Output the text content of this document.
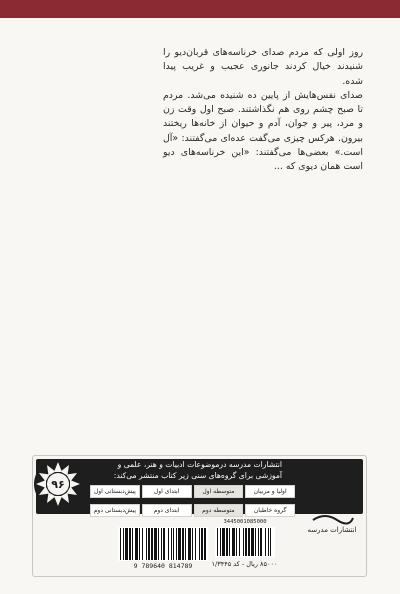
روز اولی که مردم صدای خرناسه‌های قربان‌دیو را شنیدند خیال کردند جانوری عجیب و غریب پیدا شده.

صدای نفس‌هایش از پایین ده شنیده می‌شد. مردم تا صبح چشم روی هم نگذاشتند. صبح اول وقت زن و مرد، پیر و جوان، آدم و حیوان از خانه‌ها ریختند بیرون. هرکس چیزی می‌گفت عده‌ای می‌گفتند: «آل است.» بعضی‌ها می‌گفتند: «این خرناسه‌های دیو است همان دیوی که ...

۹۶
انتشارات مدرسه درموضوعات ادبیات و هنر، علمی و آموزشی برای گروه‌های سنی زیر کتاب منتشر می‌کند:
پیش‌دبستانی اول	ابتدای اول	متوسطه اول	اولیا و مربیان
پیش‌دبستانی دوم	ابتدای دوم	متوسطه دوم	گروه خاطبان
انتشارات مدرسه
9 789640 814789
3445001085000
۸۵۰۰۰ ریال - کد ۱/۳۴۴۵
